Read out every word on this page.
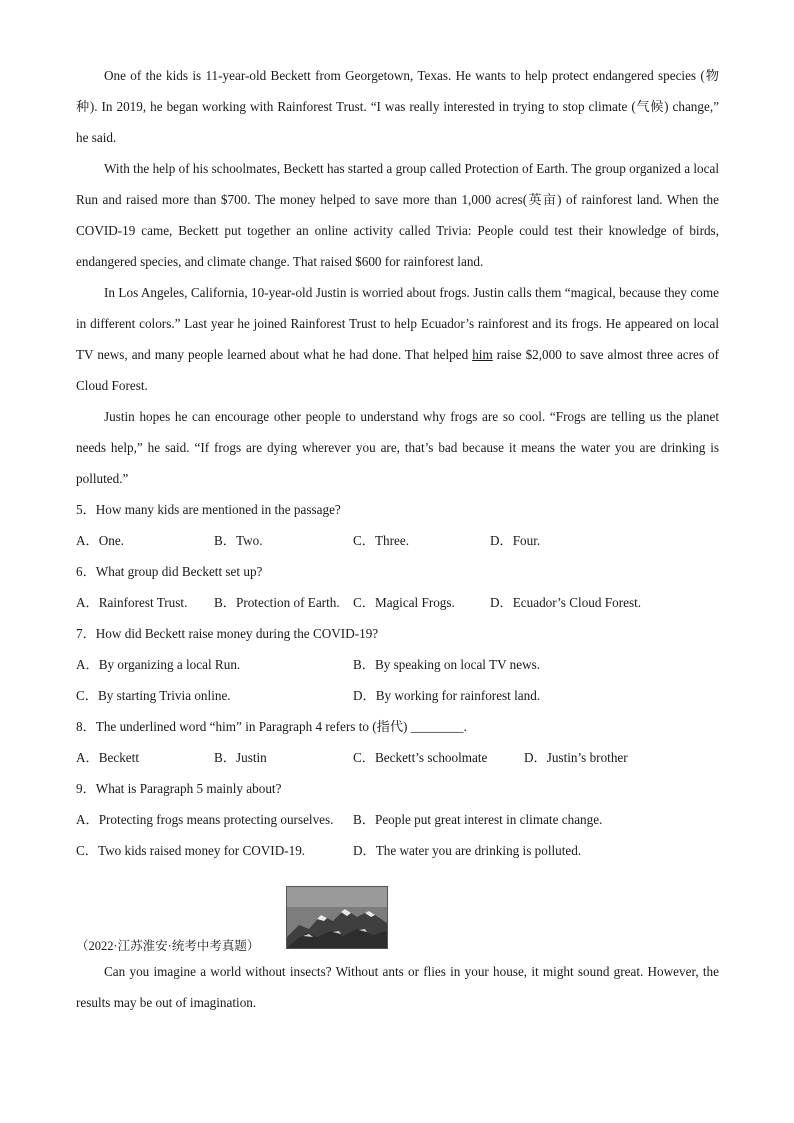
One of the kids is 11-year-old Beckett from Georgetown, Texas. He wants to help protect endangered species (物种). In 2019, he began working with Rainforest Trust. “I was really interested in trying to stop climate (气候) change,” he said.

With the help of his schoolmates, Beckett has started a group called Protection of Earth. The group organized a local Run and raised more than $700. The money helped to save more than 1,000 acres(英亩) of rainforest land. When the COVID-19 came, Beckett put together an online activity called Trivia: People could test their knowledge of birds, endangered species, and climate change. That raised $600 for rainforest land.

In Los Angeles, California, 10-year-old Justin is worried about frogs. Justin calls them “magical, because they come in different colors.” Last year he joined Rainforest Trust to help Ecuador’s rainforest and its frogs. He appeared on local TV news, and many people learned about what he had done. That helped him raise $2,000 to save almost three acres of Cloud Forest.

Justin hopes he can encourage other people to understand why frogs are so cool. “Frogs are telling us the planet needs help,” he said. “If frogs are dying wherever you are, that’s bad because it means the water you are drinking is polluted.”

5．How many kids are mentioned in the passage?

A．One.	B．Two.	C．Three.	D．Four.

6．What group did Beckett set up?

A．Rainforest Trust.	B．Protection of Earth.	C．Magical Frogs.	D．Ecuador’s Cloud Forest.

7．How did Beckett raise money during the COVID-19?

A．By organizing a local Run.	B．By speaking on local TV news.
C．By starting Trivia online.	D．By working for rainforest land.

8．The underlined word “him” in Paragraph 4 refers to (指代) ________.

A．Beckett	B．Justin	C．Beckett’s schoolmate	D．Justin’s brother

9．What is Paragraph 5 mainly about?

A．Protecting frogs means protecting ourselves.	B．People put great interest in climate change.
C．Two kids raised money for COVID-19.	D．The water you are drinking is polluted.
（2022·江苏淮安·统考中考真题）

Can you imagine a world without insects? Without ants or flies in your house, it might sound great. However, the results may be out of imagination.
